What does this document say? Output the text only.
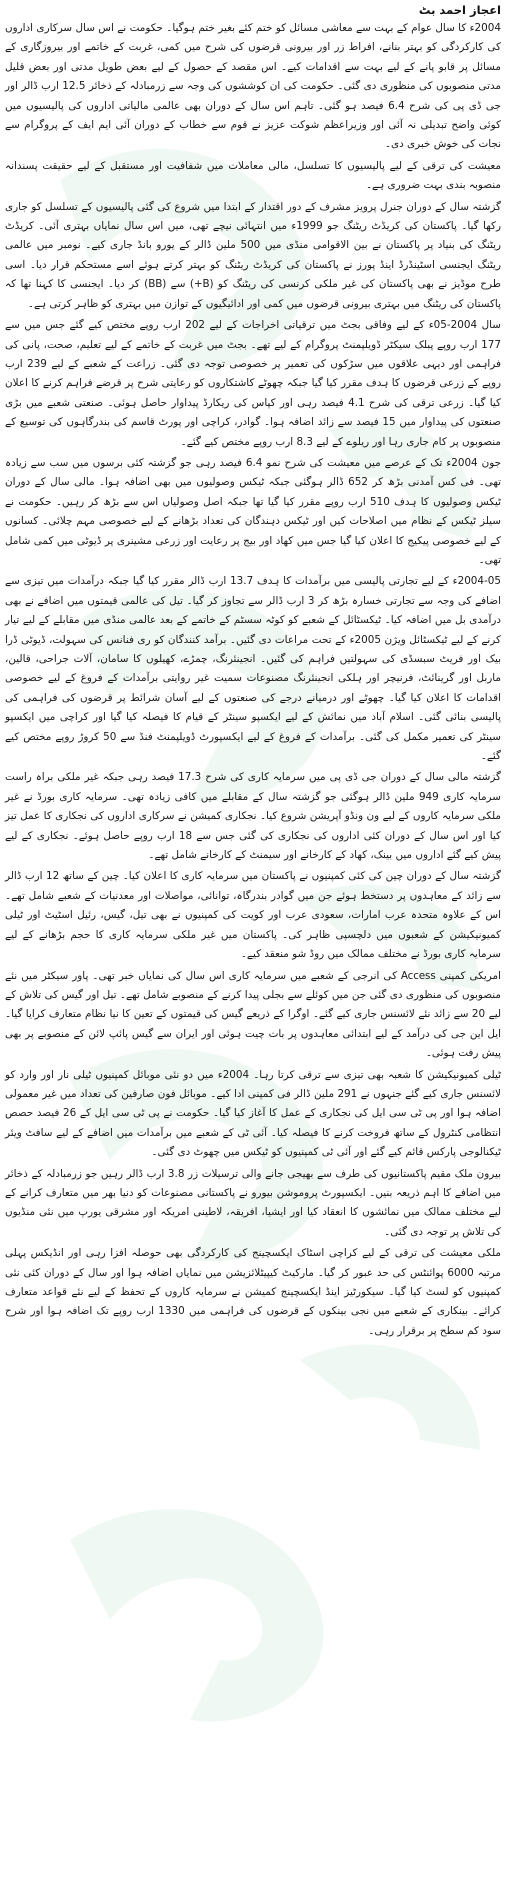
اعجاز احمد بٹ

2004ء کا سال عوام کے بہت سے معاشی مسائل کو ختم کئے بغیر ختم ہوگیا۔ حکومت نے اس سال سرکاری اداروں کی کارکردگی کو بہتر بنانے، افراط زر اور بیرونی قرضوں کی شرح میں کمی، غربت کے خاتمے اور بیروزگاری کے مسائل پر قابو پانے کے لیے بہت سے اقدامات کیے۔ اس مقصد کے حصول کے لیے بعض طویل مدتی اور بعض قلیل مدتی منصوبوں کی منظوری دی گئی۔ حکومت کی ان کوششوں کی وجہ سے زرمبادلہ کے ذخائر 12.5 ارب ڈالر اور جی ڈی پی کی شرح 6.4 فیصد ہو گئی۔ تاہم اس سال کے دوران بھی عالمی مالیاتی اداروں کی پالیسیوں میں کوئی واضح تبدیلی نہ آئی اور وزیراعظم شوکت عزیز نے قوم سے خطاب کے دوران آئی ایم ایف کے پروگرام سے نجات کی خوش خبری دی۔

معیشت کی ترقی کے لیے پالیسیوں کا تسلسل، مالی معاملات میں شفافیت اور مستقبل کے لیے حقیقت پسندانہ منصوبہ بندی بہت ضروری ہے۔

گزشتہ سال کے دوران جنرل پرویز مشرف کے دور اقتدار کے ابتدا میں شروع کی گئی پالیسیوں کے تسلسل کو جاری رکھا گیا۔ پاکستان کی کریڈٹ ریٹنگ جو 1999ء میں انتہائی نیچے تھی، میں اس سال نمایاں بہتری آئی۔ کریڈٹ ریٹنگ کی بنیاد پر پاکستان نے بین الاقوامی منڈی میں 500 ملین ڈالر کے یورو بانڈ جاری کیے۔ نومبر میں عالمی ریٹنگ ایجنسی اسٹینڈرڈ اینڈ پورز نے پاکستان کی کریڈٹ ریٹنگ کو بہتر کرتے ہوئے اسے مستحکم قرار دیا۔ اسی طرح موڈیز نے بھی پاکستان کی غیر ملکی کرنسی کی ریٹنگ کو (B+) سے (BB) کر دیا۔ ایجنسی کا کہنا تھا کہ پاکستان کی ریٹنگ میں بہتری بیرونی قرضوں میں کمی اور ادائیگیوں کے توازن میں بہتری کو ظاہر کرتی ہے۔

سال 2004-05ء کے لیے وفاقی بجٹ میں ترقیاتی اخراجات کے لیے 202 ارب روپے مختص کیے گئے جس میں سے 177 ارب روپے پبلک سیکٹر ڈویلپمنٹ پروگرام کے لیے تھے۔ بجٹ میں غربت کے خاتمے کے لیے تعلیم، صحت، پانی کی فراہمی اور دیہی علاقوں میں سڑکوں کی تعمیر پر خصوصی توجہ دی گئی۔ زراعت کے شعبے کے لیے 239 ارب روپے کے زرعی قرضوں کا ہدف مقرر کیا گیا جبکہ چھوٹے کاشتکاروں کو رعایتی شرح پر قرضے فراہم کرنے کا اعلان کیا گیا۔ زرعی ترقی کی شرح 4.1 فیصد رہی اور کپاس کی ریکارڈ پیداوار حاصل ہوئی۔ صنعتی شعبے میں بڑی صنعتوں کی پیداوار میں 15 فیصد سے زائد اضافہ ہوا۔ گوادر، کراچی اور پورٹ قاسم کی بندرگاہوں کی توسیع کے منصوبوں پر کام جاری رہا اور ریلوے کے لیے 8.3 ارب روپے مختص کیے گئے۔

جون 2004ء تک کے عرصے میں معیشت کی شرح نمو 6.4 فیصد رہی جو گزشتہ کئی برسوں میں سب سے زیادہ تھی۔ فی کس آمدنی بڑھ کر 652 ڈالر ہوگئی جبکہ ٹیکس وصولیوں میں بھی اضافہ ہوا۔ مالی سال کے دوران ٹیکس وصولیوں کا ہدف 510 ارب روپے مقرر کیا گیا تھا جبکہ اصل وصولیاں اس سے بڑھ کر رہیں۔ حکومت نے سیلز ٹیکس کے نظام میں اصلاحات کیں اور ٹیکس دہندگان کی تعداد بڑھانے کے لیے خصوصی مہم چلائی۔ کسانوں کے لیے خصوصی پیکیج کا اعلان کیا گیا جس میں کھاد اور بیج پر رعایت اور زرعی مشینری پر ڈیوٹی میں کمی شامل تھی۔

2004-05ء کے لیے تجارتی پالیسی میں برآمدات کا ہدف 13.7 ارب ڈالر مقرر کیا گیا جبکہ درآمدات میں تیزی سے اضافے کی وجہ سے تجارتی خسارہ بڑھ کر 3 ارب ڈالر سے تجاوز کر گیا۔ تیل کی عالمی قیمتوں میں اضافے نے بھی درآمدی بل میں اضافہ کیا۔ ٹیکسٹائل کے شعبے کو کوٹہ سسٹم کے خاتمے کے بعد عالمی منڈی میں مقابلے کے لیے تیار کرنے کے لیے ٹیکسٹائل ویژن 2005ء کے تحت مراعات دی گئیں۔ برآمد کنندگان کو ری فنانس کی سہولت، ڈیوٹی ڈرا بیک اور فریٹ سبسڈی کی سہولتیں فراہم کی گئیں۔ انجینئرنگ، چمڑے، کھیلوں کا سامان، آلات جراحی، قالین، ماربل اور گرینائٹ، فرنیچر اور ہلکی انجینئرنگ مصنوعات سمیت غیر روایتی برآمدات کے فروغ کے لیے خصوصی اقدامات کا اعلان کیا گیا۔ چھوٹے اور درمیانے درجے کی صنعتوں کے لیے آسان شرائط پر قرضوں کی فراہمی کی پالیسی بنائی گئی۔ اسلام آباد میں نمائش کے لیے ایکسپو سینٹر کے قیام کا فیصلہ کیا گیا اور کراچی میں ایکسپو سینٹر کی تعمیر مکمل کی گئی۔ برآمدات کے فروغ کے لیے ایکسپورٹ ڈویلپمنٹ فنڈ سے 50 کروڑ روپے مختص کیے گئے۔

گزشتہ مالی سال کے دوران جی ڈی پی میں سرمایہ کاری کی شرح 17.3 فیصد رہی جبکہ غیر ملکی براہ راست سرمایہ کاری 949 ملین ڈالر ہوگئی جو گزشتہ سال کے مقابلے میں کافی زیادہ تھی۔ سرمایہ کاری بورڈ نے غیر ملکی سرمایہ کاروں کے لیے ون ونڈو آپریشن شروع کیا۔ نجکاری کمیشن نے سرکاری اداروں کی نجکاری کا عمل تیز کیا اور اس سال کے دوران کئی اداروں کی نجکاری کی گئی جس سے 18 ارب روپے حاصل ہوئے۔ نجکاری کے لیے پیش کیے گئے اداروں میں بینک، کھاد کے کارخانے اور سیمنٹ کے کارخانے شامل تھے۔

گزشتہ سال کے دوران چین کی کئی کمپنیوں نے پاکستان میں سرمایہ کاری کا اعلان کیا۔ چین کے ساتھ 12 ارب ڈالر سے زائد کے معاہدوں پر دستخط ہوئے جن میں گوادر بندرگاہ، توانائی، مواصلات اور معدنیات کے شعبے شامل تھے۔ اس کے علاوہ متحدہ عرب امارات، سعودی عرب اور کویت کی کمپنیوں نے بھی تیل، گیس، رئیل اسٹیٹ اور ٹیلی کمیونیکیشن کے شعبوں میں دلچسپی ظاہر کی۔ پاکستان میں غیر ملکی سرمایہ کاری کا حجم بڑھانے کے لیے سرمایہ کاری بورڈ نے مختلف ممالک میں روڈ شو منعقد کیے۔

امریکی کمپنی Access کی انرجی کے شعبے میں سرمایہ کاری اس سال کی نمایاں خبر تھی۔ پاور سیکٹر میں نئے منصوبوں کی منظوری دی گئی جن میں کوئلے سے بجلی پیدا کرنے کے منصوبے شامل تھے۔ تیل اور گیس کی تلاش کے لیے 20 سے زائد نئے لائسنس جاری کیے گئے۔ اوگرا کے ذریعے گیس کی قیمتوں کے تعین کا نیا نظام متعارف کرایا گیا۔ ایل این جی کی درآمد کے لیے ابتدائی معاہدوں پر بات چیت ہوئی اور ایران سے گیس پائپ لائن کے منصوبے پر بھی پیش رفت ہوئی۔

ٹیلی کمیونیکیشن کا شعبہ بھی تیزی سے ترقی کرتا رہا۔ 2004ء میں دو نئی موبائل کمپنیوں ٹیلی نار اور وارد کو لائسنس جاری کیے گئے جنہوں نے 291 ملین ڈالر فی کمپنی ادا کیے۔ موبائل فون صارفین کی تعداد میں غیر معمولی اضافہ ہوا اور پی ٹی سی ایل کی نجکاری کے عمل کا آغاز کیا گیا۔ حکومت نے پی ٹی سی ایل کے 26 فیصد حصص انتظامی کنٹرول کے ساتھ فروخت کرنے کا فیصلہ کیا۔ آئی ٹی کے شعبے میں برآمدات میں اضافے کے لیے سافٹ ویئر ٹیکنالوجی پارکس قائم کیے گئے اور آئی ٹی کمپنیوں کو ٹیکس میں چھوٹ دی گئی۔

بیرون ملک مقیم پاکستانیوں کی طرف سے بھیجی جانے والی ترسیلات زر 3.8 ارب ڈالر رہیں جو زرمبادلہ کے ذخائر میں اضافے کا اہم ذریعہ بنیں۔ ایکسپورٹ پروموشن بیورو نے پاکستانی مصنوعات کو دنیا بھر میں متعارف کرانے کے لیے مختلف ممالک میں نمائشوں کا انعقاد کیا اور ایشیا، افریقہ، لاطینی امریکہ اور مشرقی یورپ میں نئی منڈیوں کی تلاش پر توجہ دی گئی۔

ملکی معیشت کی ترقی کے لیے کراچی اسٹاک ایکسچینج کی کارکردگی بھی حوصلہ افزا رہی اور انڈیکس پہلی مرتبہ 6000 پوائنٹس کی حد عبور کر گیا۔ مارکیٹ کیپیٹلائزیشن میں نمایاں اضافہ ہوا اور سال کے دوران کئی نئی کمپنیوں کو لسٹ کیا گیا۔ سیکورٹیز اینڈ ایکسچینج کمیشن نے سرمایہ کاروں کے تحفظ کے لیے نئے قواعد متعارف کرائے۔ بینکاری کے شعبے میں نجی بینکوں کے قرضوں کی فراہمی میں 1330 ارب روپے تک اضافہ ہوا اور شرح سود کم سطح پر برقرار رہی۔
